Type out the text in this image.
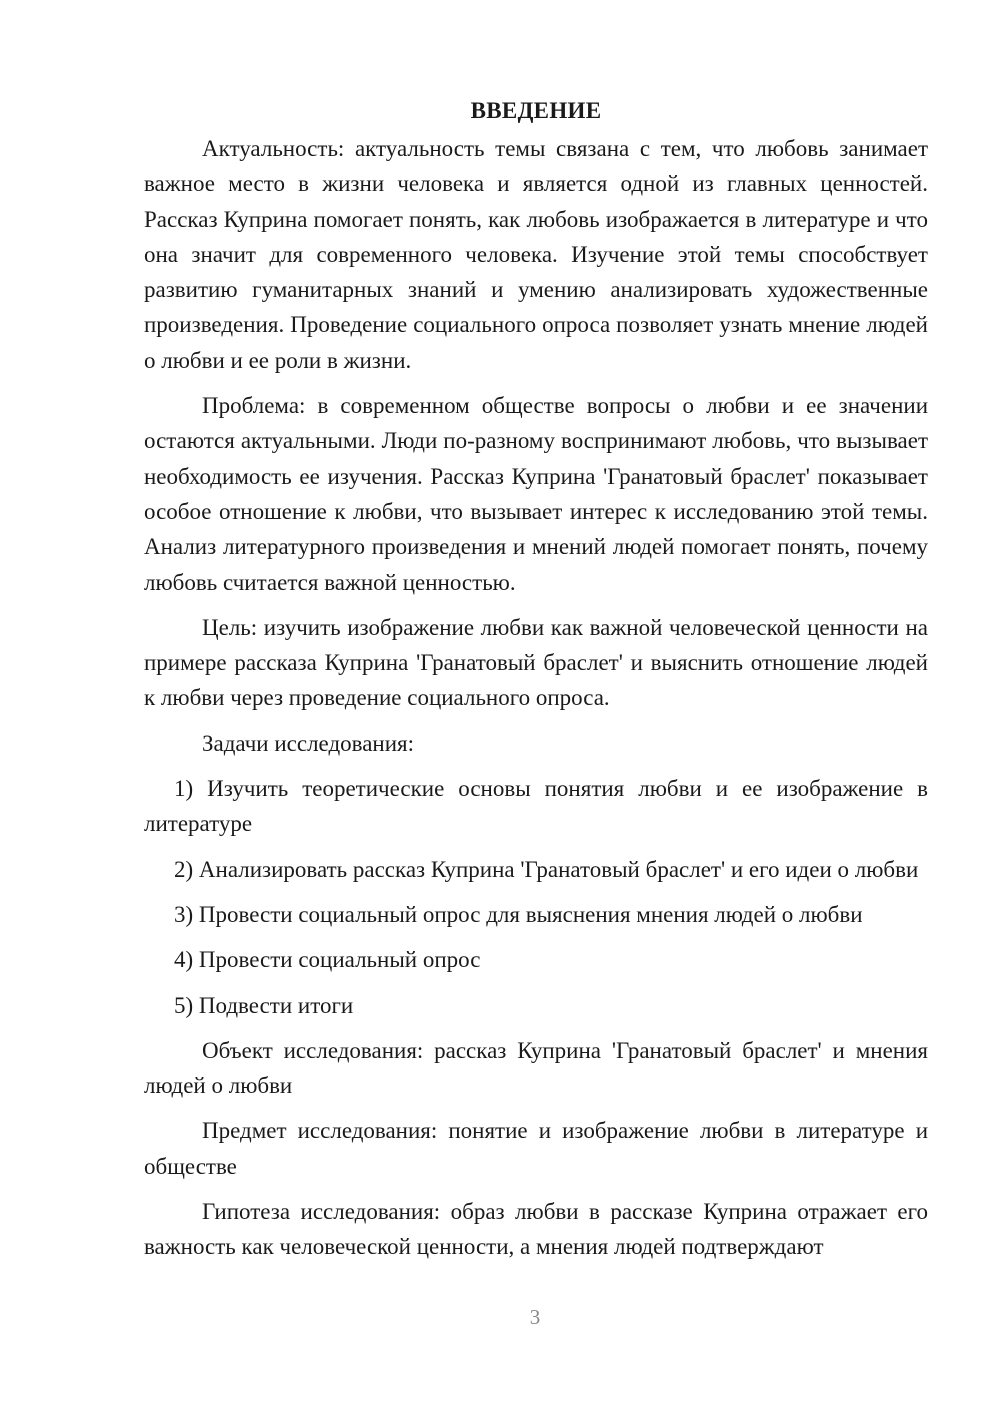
ВВЕДЕНИЕ

Актуальность: актуальность темы связана с тем, что любовь занимает важное место в жизни человека и является одной из главных ценностей. Рассказ Куприна помогает понять, как любовь изображается в литературе и что она значит для современного человека. Изучение этой темы способствует развитию гуманитарных знаний и умению анализировать художественные произведения. Проведение социального опроса позволяет узнать мнение людей о любви и ее роли в жизни.

Проблема: в современном обществе вопросы о любви и ее значении остаются актуальными. Люди по-разному воспринимают любовь, что вызывает необходимость ее изучения. Рассказ Куприна 'Гранатовый браслет' показывает особое отношение к любви, что вызывает интерес к исследованию этой темы. Анализ литературного произведения и мнений людей помогает понять, почему любовь считается важной ценностью.

Цель: изучить изображение любви как важной человеческой ценности на примере рассказа Куприна 'Гранатовый браслет' и выяснить отношение людей к любви через проведение социального опроса.

Задачи исследования:

1) Изучить теоретические основы понятия любви и ее изображение в литературе

2) Анализировать рассказ Куприна 'Гранатовый браслет' и его идеи о любви

3) Провести социальный опрос для выяснения мнения людей о любви

4) Провести социальный опрос

5) Подвести итоги

Объект исследования: рассказ Куприна 'Гранатовый браслет' и мнения людей о любви

Предмет исследования: понятие и изображение любви в литературе и обществе

Гипотеза исследования: образ любви в рассказе Куприна отражает его важность как человеческой ценности, а мнения людей подтверждают

3
